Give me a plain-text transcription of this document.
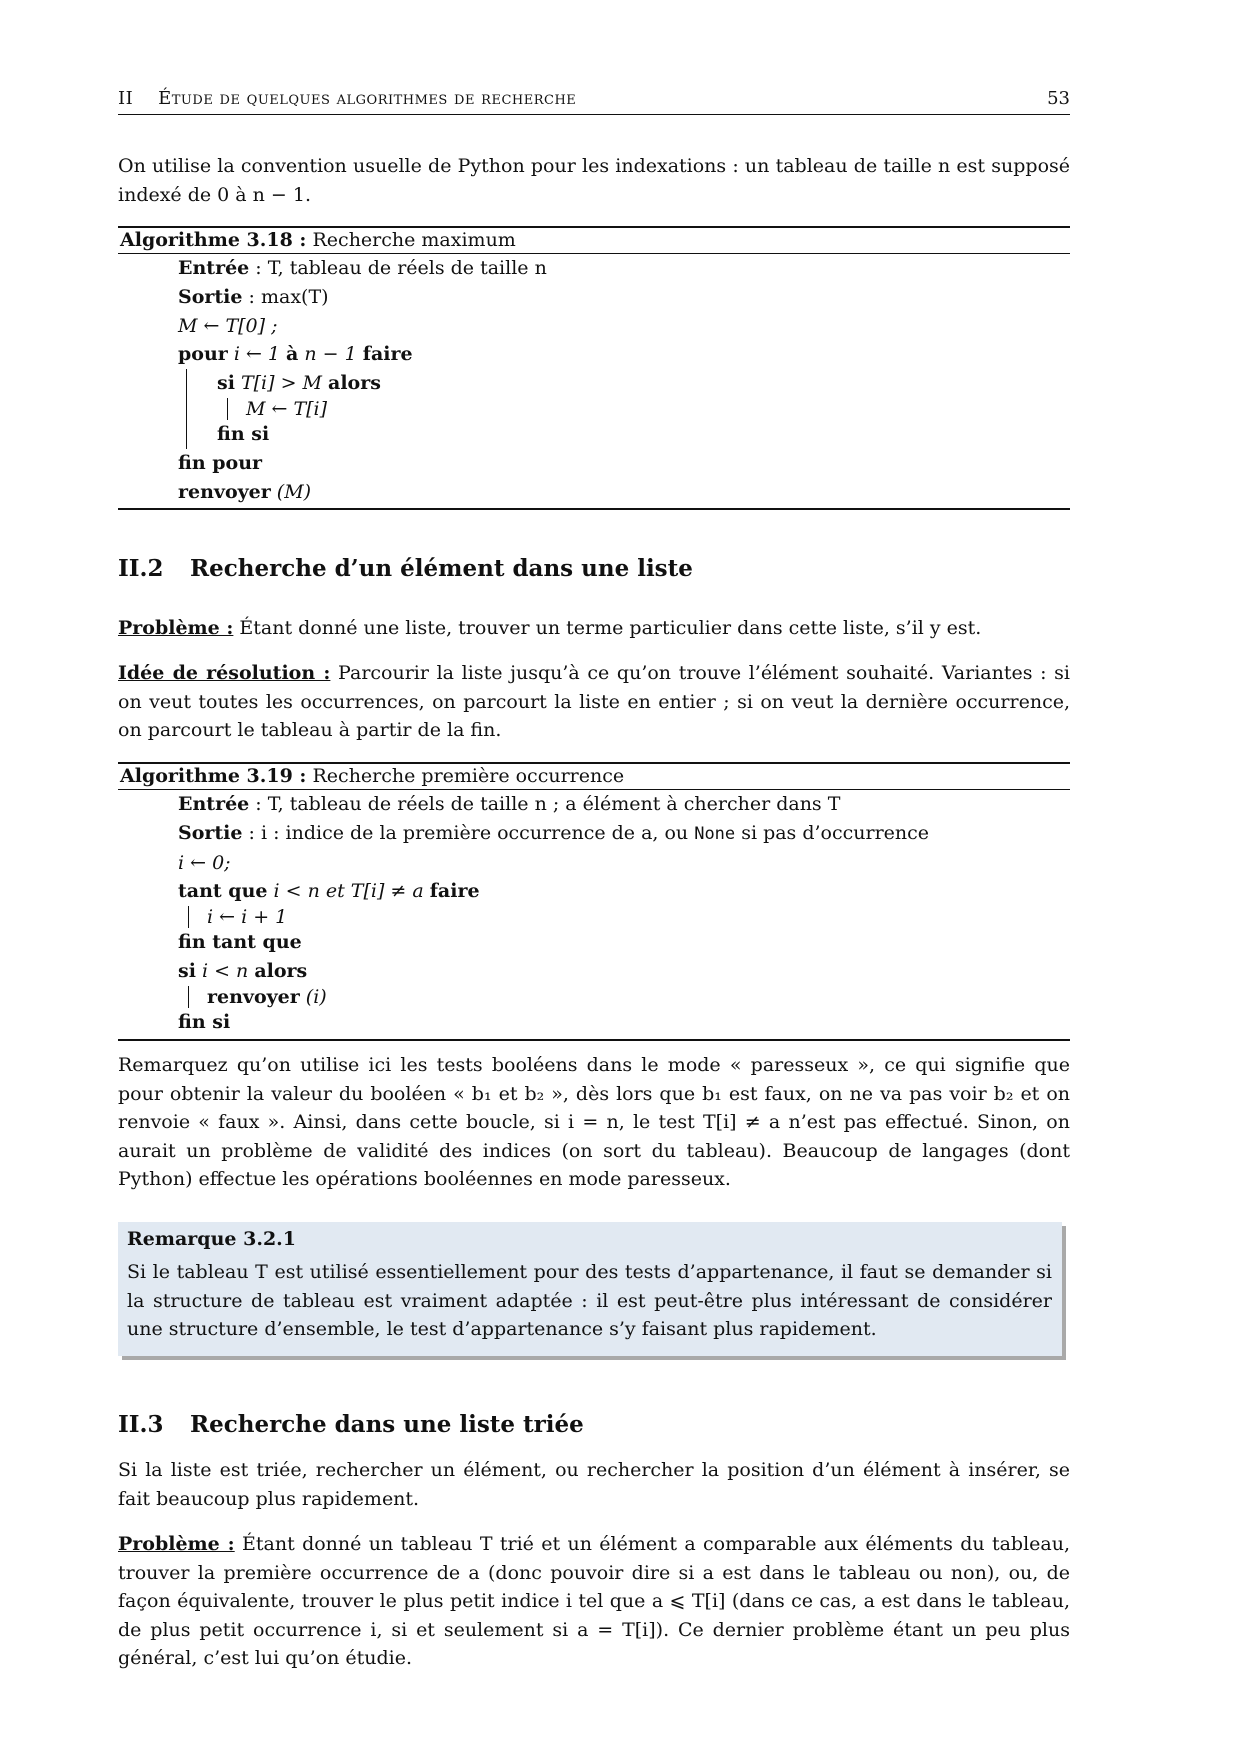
II Étude de quelques algorithmes de recherche	53

On utilise la convention usuelle de Python pour les indexations : un tableau de taille n est supposé indexé de 0 à n − 1.

Algorithme 3.18 : Recherche maximum
Entrée : T, tableau de réels de taille n
Sortie : max(T)
M ← T[0] ;
pour i ← 1 à n − 1 faire
si T[i] > M alors
M ← T[i]
fin si
fin pour
renvoyer (M)
II.2 Recherche d’un élément dans une liste

Problème : Étant donné une liste, trouver un terme particulier dans cette liste, s’il y est.

Idée de résolution : Parcourir la liste jusqu’à ce qu’on trouve l’élément souhaité. Variantes : si on veut toutes les occurrences, on parcourt la liste en entier ; si on veut la dernière occurrence, on parcourt le tableau à partir de la fin.

Algorithme 3.19 : Recherche première occurrence
Entrée : T, tableau de réels de taille n ; a élément à chercher dans T
Sortie : i : indice de la première occurrence de a, ou None si pas d’occurrence
i ← 0;
tant que i < n et T[i] ≠ a faire
i ← i + 1
fin tant que
si i < n alors
renvoyer (i)
fin si

Remarquez qu’on utilise ici les tests booléens dans le mode « paresseux », ce qui signifie que pour obtenir la valeur du booléen « b₁ et b₂ », dès lors que b₁ est faux, on ne va pas voir b₂ et on renvoie « faux ». Ainsi, dans cette boucle, si i = n, le test T[i] ≠ a n’est pas effectué. Sinon, on aurait un problème de validité des indices (on sort du tableau). Beaucoup de langages (dont Python) effectue les opérations booléennes en mode paresseux.

Remarque 3.2.1
Si le tableau T est utilisé essentiellement pour des tests d’appartenance, il faut se demander si la structure de tableau est vraiment adaptée : il est peut-être plus intéressant de considérer une structure d’ensemble, le test d’appartenance s’y faisant plus rapidement.
II.3 Recherche dans une liste triée

Si la liste est triée, rechercher un élément, ou rechercher la position d’un élément à insérer, se fait beaucoup plus rapidement.

Problème : Étant donné un tableau T trié et un élément a comparable aux éléments du tableau, trouver la première occurrence de a (donc pouvoir dire si a est dans le tableau ou non), ou, de façon équivalente, trouver le plus petit indice i tel que a ⩽ T[i] (dans ce cas, a est dans le tableau, de plus petit occurrence i, si et seulement si a = T[i]). Ce dernier problème étant un peu plus général, c’est lui qu’on étudie.
